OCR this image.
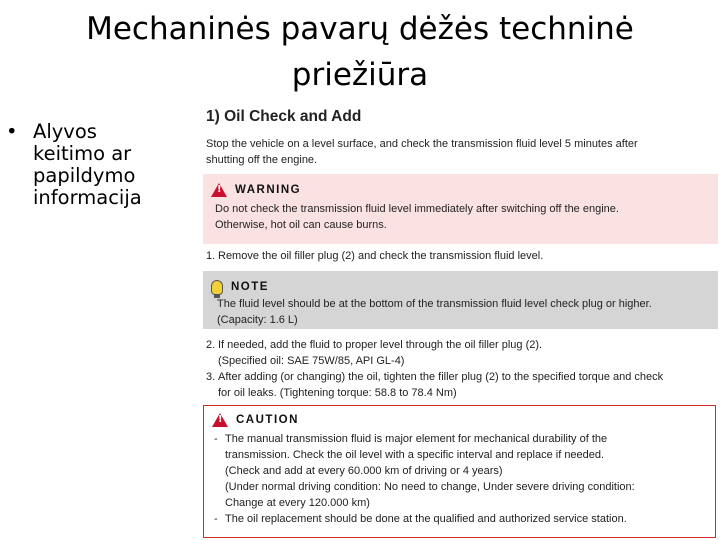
Mechaninės pavarų dėžės techninė
priežiūra
• Alyvos
keitimo ar
papildymo
informacija
1) Oil Check and Add
Stop the vehicle on a level surface, and check the transmission fluid level 5 minutes after
shutting off the engine.
!
WARNING
Do not check the transmission fluid level immediately after switching off the engine.
Otherwise, hot oil can cause burns.
1. Remove the oil filler plug (2) and check the transmission fluid level.
NOTE
The fluid level should be at the bottom of the transmission fluid level check plug or higher.
(Capacity: 1.6 L)
2. If needed, add the fluid to proper level through the oil filler plug (2).
(Specified oil: SAE 75W/85, API GL-4)
3. After adding (or changing) the oil, tighten the filler plug (2) to the specified torque and check
for oil leaks. (Tightening torque: 58.8 to 78.4 Nm)
!
CAUTION
- The manual transmission fluid is major element for mechanical durability of the
transmission. Check the oil level with a specific interval and replace if needed.
(Check and add at every 60.000 km of driving or 4 years)
(Under normal driving condition: No need to change, Under severe driving condition:
Change at every 120.000 km)
- The oil replacement should be done at the qualified and authorized service station.
